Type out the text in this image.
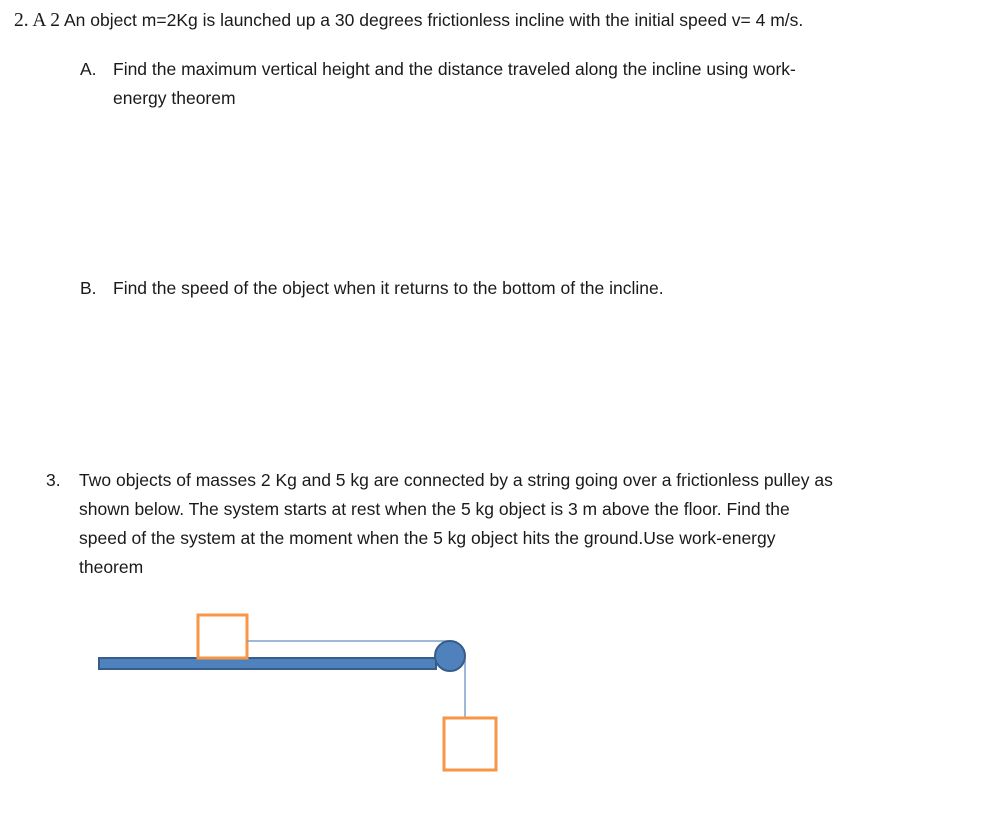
2. A 2 An object m=2Kg is launched up a 30 degrees frictionless incline with the initial speed v= 4 m/s.
A. Find the maximum vertical height and the distance traveled along the incline using work-
energy theorem
B. Find the speed of the object when it returns to the bottom of the incline.
3. Two objects of masses 2 Kg and 5 kg are connected by a string going over a frictionless pulley as
shown below. The system starts at rest when the 5 kg object is 3 m above the floor. Find the
speed of the system at the moment when the 5 kg object hits the ground.Use work-energy
theorem
